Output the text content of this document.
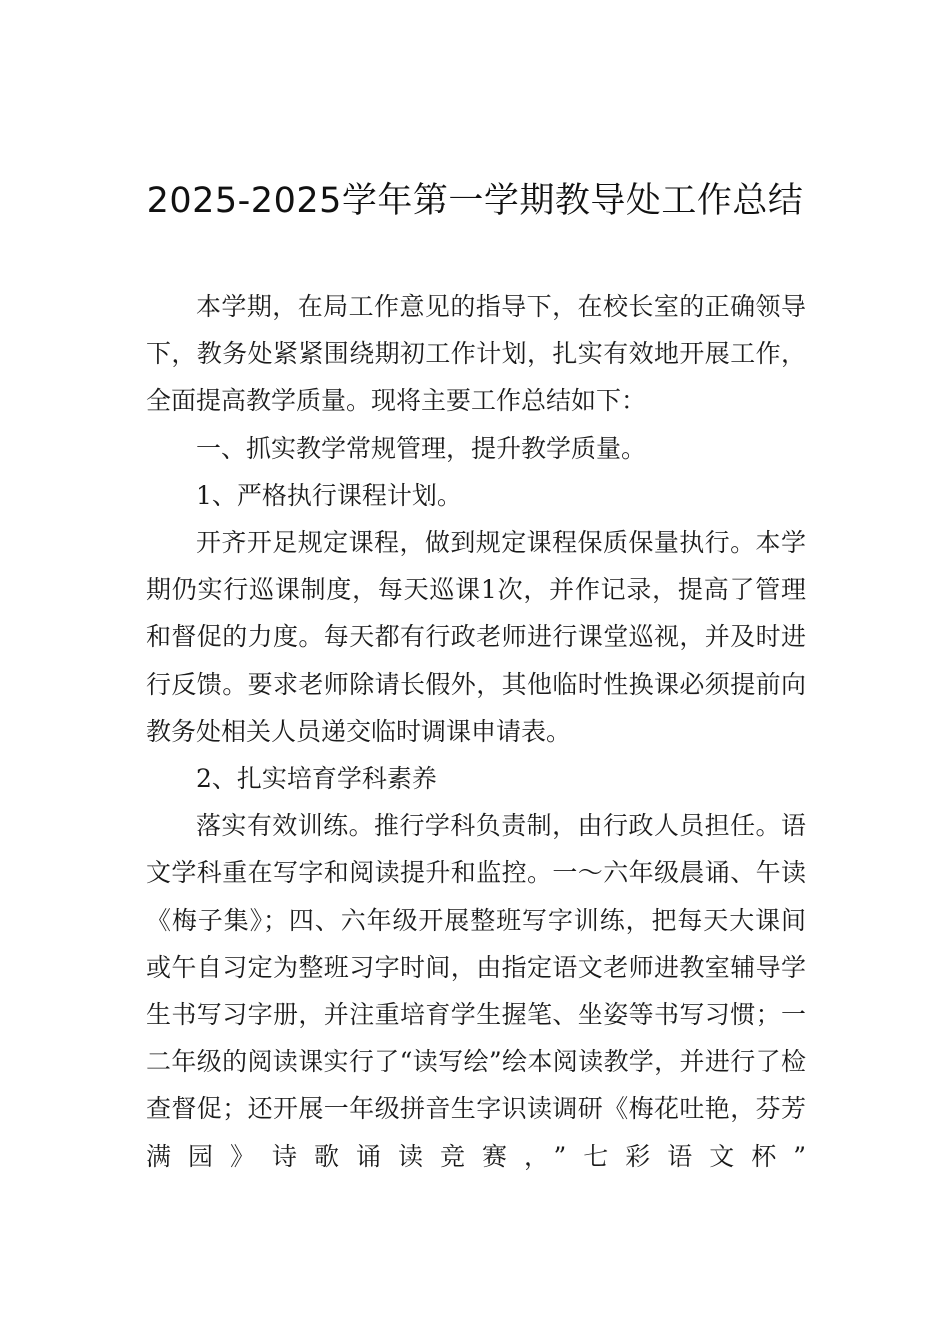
2025-2025学年第一学期教导处工作总结

本学期，在局工作意见的指导下，在校长室的正确领导下，教务处紧紧围绕期初工作计划，扎实有效地开展工作，全面提高教学质量。现将主要工作总结如下：

一、抓实教学常规管理，提升教学质量。

1、严格执行课程计划。

开齐开足规定课程，做到规定课程保质保量执行。本学期仍实行巡课制度，每天巡课1次，并作记录，提高了管理和督促的力度。每天都有行政老师进行课堂巡视，并及时进行反馈。要求老师除请长假外，其他临时性换课必须提前向教务处相关人员递交临时调课申请表。

2、扎实培育学科素养

落实有效训练。推行学科负责制，由行政人员担任。语文学科重在写字和阅读提升和监控。一～六年级晨诵、午读《梅子集》；四、六年级开展整班写字训练，把每天大课间或午自习定为整班习字时间，由指定语文老师进教室辅导学生书写习字册，并注重培育学生握笔、坐姿等书写习惯；一二年级的阅读课实行了“读写绘”绘本阅读教学，并进行了检查督促；还开展一年级拼音生字识读调研《梅花吐艳，芬芳满园》诗歌诵读竞赛，”七彩语文杯”
